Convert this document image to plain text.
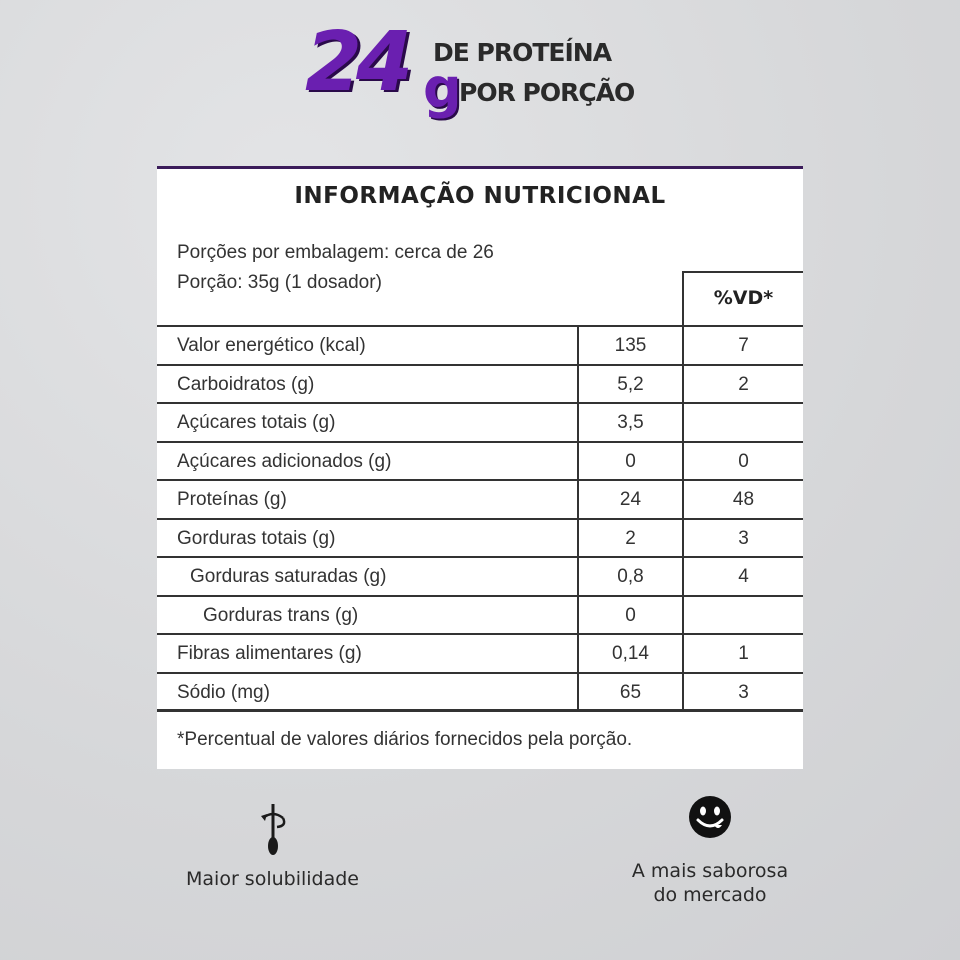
24 g
DE PROTEÍNA
POR PORÇÃO
INFORMAÇÃO NUTRICIONAL
Porções por embalagem: cerca de 26
Porção: 35g (1 dosador)
%VD*
Valor energético (kcal)	135	7
Carboidratos (g)	5,2	2
Açúcares totais (g)	3,5
Açúcares adicionados (g)	0	0
Proteínas (g)	24	48
Gorduras totais (g)	2	3
Gorduras saturadas (g)	0,8	4
Gorduras trans (g)	0
Fibras alimentares (g)	0,14	1
Sódio (mg)	65	3
*Percentual de valores diários fornecidos pela porção.
Maior solubilidade	A mais saborosa
do mercado
